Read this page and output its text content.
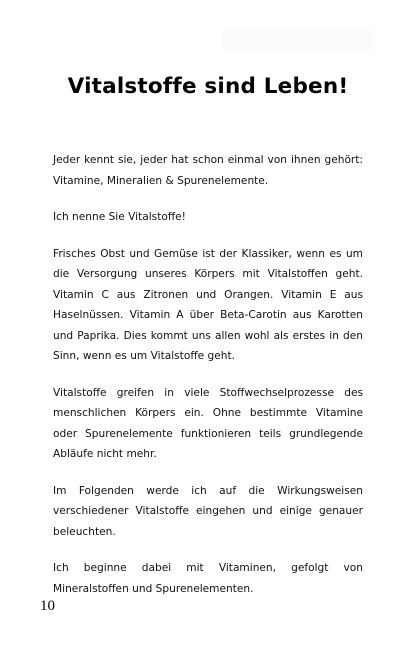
Vitalstoffe sind Leben!

Jeder kennt sie, jeder hat schon einmal von ihnen gehört: Vitamine, Mineralien & Spurenelemente.

Ich nenne Sie Vitalstoffe!

Frisches Obst und Gemüse ist der Klassiker, wenn es um die Versorgung unseres Körpers mit Vitalstoffen geht. Vitamin C aus Zitronen und Orangen. Vitamin E aus Haselnüssen. Vitamin A über Beta-Carotin aus Karotten und Paprika. Dies kommt uns allen wohl als erstes in den Sinn, wenn es um Vitalstoffe geht.

Vitalstoffe greifen in viele Stoffwechselprozesse des menschlichen Körpers ein. Ohne bestimmte Vitamine oder Spurenelemente funktionieren teils grundlegende Abläufe nicht mehr.

Im Folgenden werde ich auf die Wirkungsweisen verschiedener Vitalstoffe eingehen und einige genauer beleuchten.

Ich beginne dabei mit Vitaminen, gefolgt von Mineralstoffen und Spurenelementen.

10
